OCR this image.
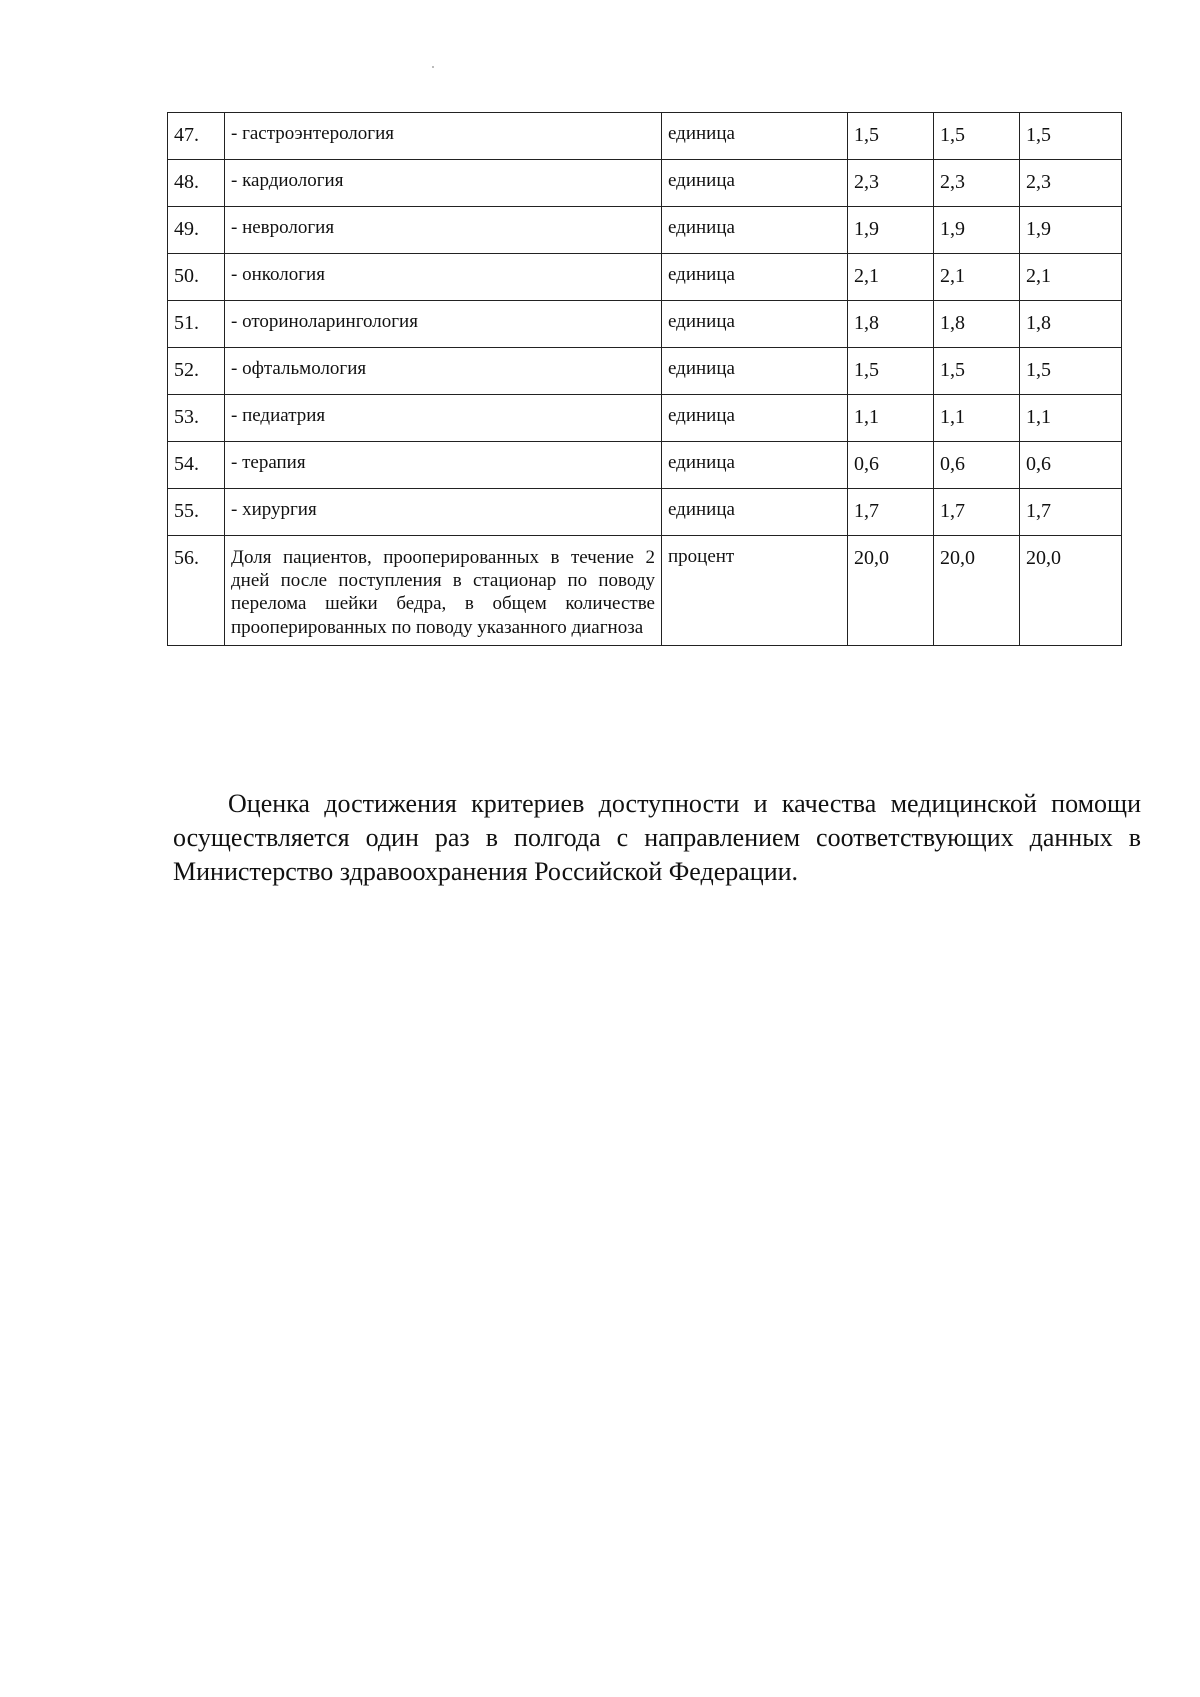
47.	- гастроэнтерология	единица	1,5	1,5	1,5
48.	- кардиология	единица	2,3	2,3	2,3
49.	- неврология	единица	1,9	1,9	1,9
50.	- онкология	единица	2,1	2,1	2,1
51.	- оториноларингология	единица	1,8	1,8	1,8
52.	- офтальмология	единица	1,5	1,5	1,5
53.	- педиатрия	единица	1,1	1,1	1,1
54.	- терапия	единица	0,6	0,6	0,6
55.	- хирургия	единица	1,7	1,7	1,7
56.	Доля пациентов, прооперированных в течение 2 дней после поступления в стационар по поводу перелома шейки бедра, в общем количестве прооперированных по поводу указанного диагноза	процент	20,0	20,0	20,0

Оценка достижения критериев доступности и качества медицинской помощи осуществляется один раз в полгода с направлением соответствующих данных в Министерство здравоохранения Российской Федерации.
